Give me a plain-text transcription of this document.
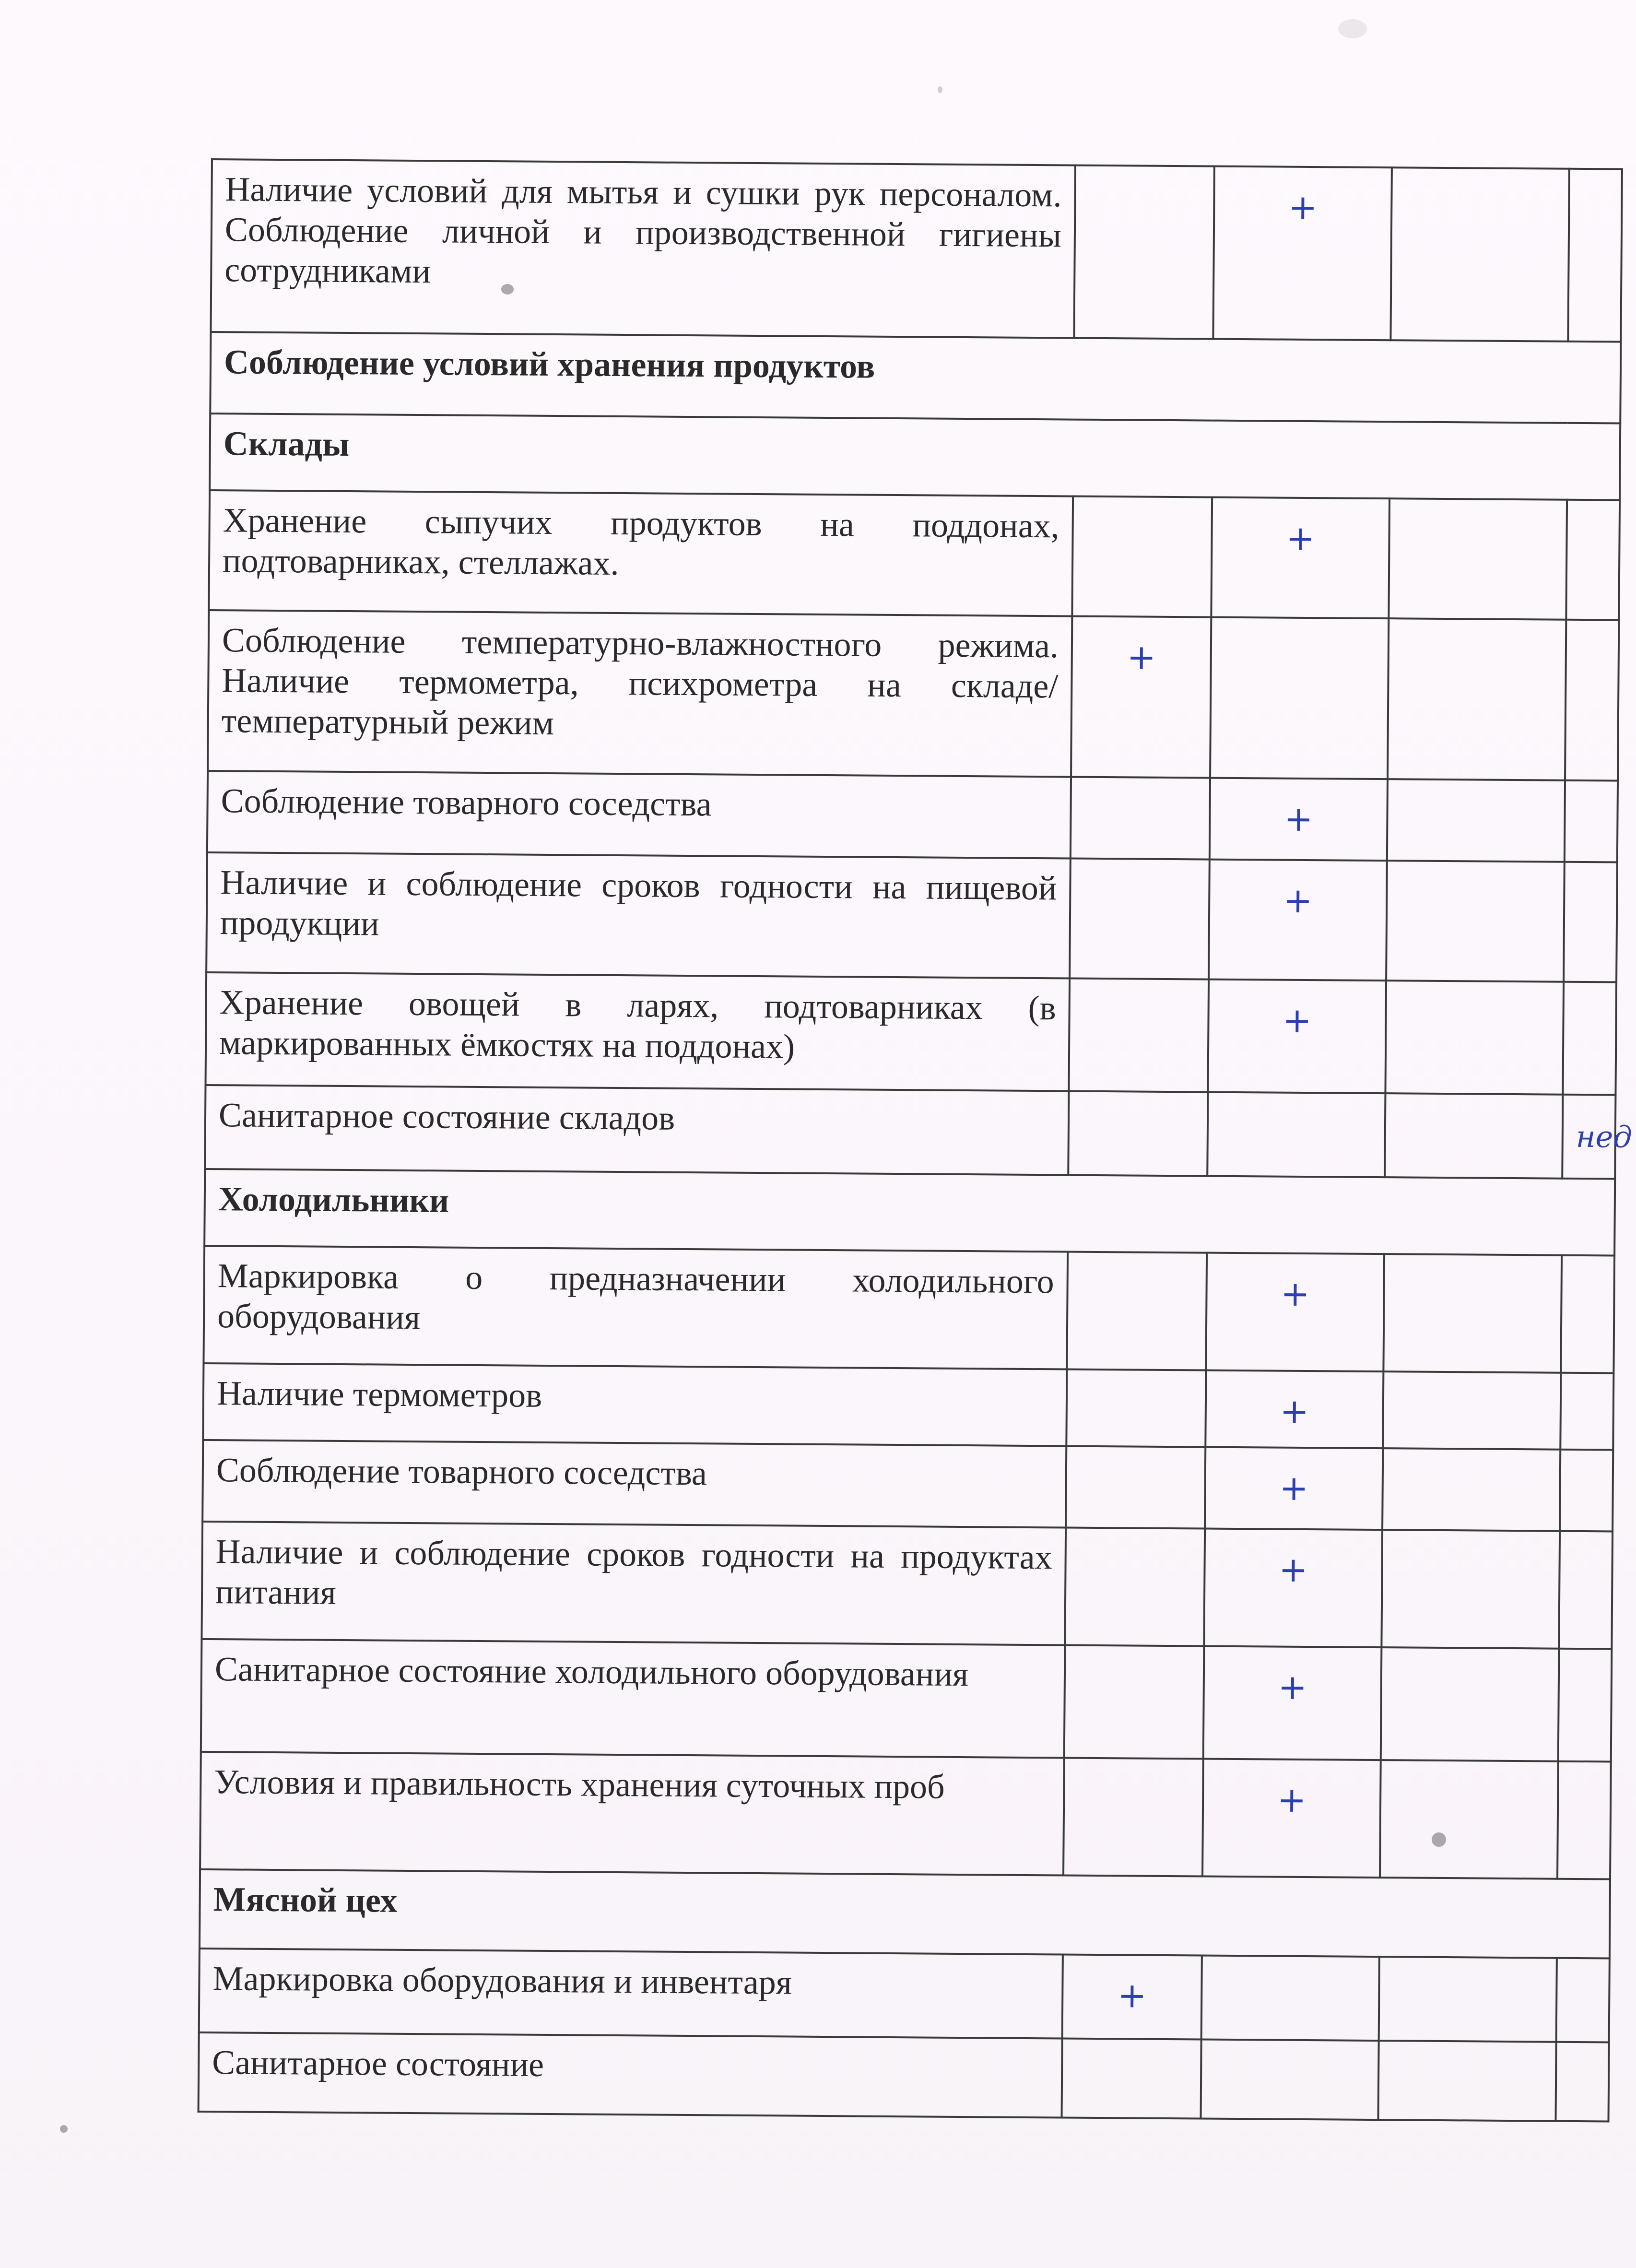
Наличие условий для мытья и сушки рук персоналом. Соблюдение личной и производственной гигиены сотрудниками		+		
Соблюдение условий хранения продуктов				
Склады				
Хранение сыпучих продуктов на поддонах, подтоварниках, стеллажах.		+		
Соблюдение температурно-влажностного режима. Наличие термометра, психрометра на складе/температурный режим	+			
Соблюдение товарного соседства		+		
Наличие и соблюдение сроков годности на пищевой продукции		+		
Хранение овощей в ларях, подтоварниках (в маркированных ёмкостях на поддонах)		+		
Санитарное состояние складов				нед
Холодильники				
Маркировка о предназначении холодильного оборудования		+		
Наличие термометров		+		
Соблюдение товарного соседства		+		
Наличие и соблюдение сроков годности на продуктах питания		+		
Санитарное состояние холодильного оборудования		+		
Условия и правильность хранения суточных проб		+		
Мясной цех				
Маркировка оборудования и инвентаря	+			
Санитарное состояние				
